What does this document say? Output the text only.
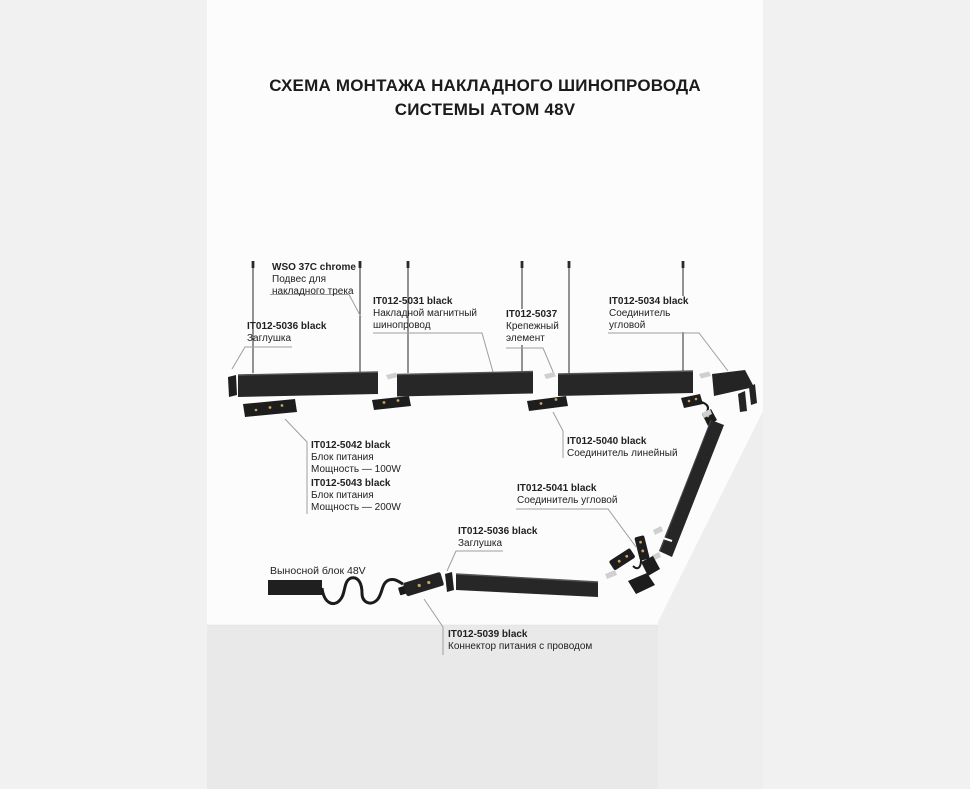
СХЕМА МОНТАЖА НАКЛАДНОГО ШИНОПРОВОДА
СИСТЕМЫ АТОМ 48V
WSO 37C chrome
Подвес для
накладного трека
IT012-5036 black
Заглушка
IT012-5031 black
Накладной магнитный
шинопровод
IT012-5037
Крепежный
элемент
IT012-5034 black
Соединитель
угловой
IT012-5042 black
Блок питания
Мощность — 100W
IT012-5043 black
Блок питания
Мощность — 200W
IT012-5040 black
Соединитель линейный
IT012-5041 black
Соединитель угловой
IT012-5036 black
Заглушка
IT012-5039 black
Коннектор питания с проводом
Выносной блок 48V
